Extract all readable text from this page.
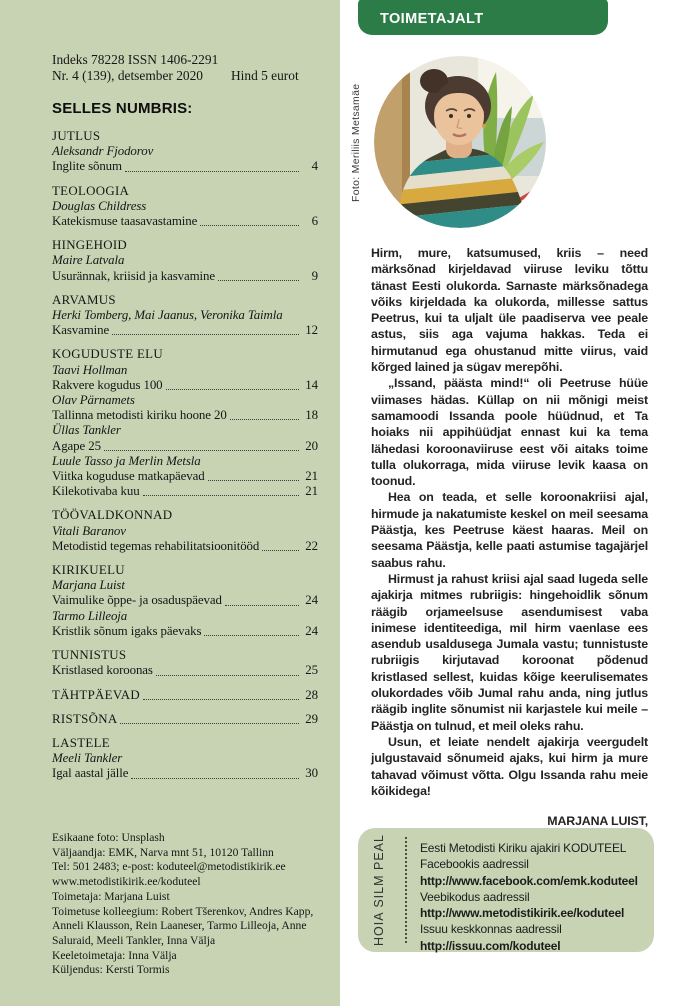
Indeks 78228 ISSN 1406-2291
Nr. 4 (139), detsember 2020 Hind 5 eurot
SELLES NUMBRIS:
JUTLUS
Aleksandr Fjodorov
Inglite sõnum	4
TEOLOOGIA
Douglas Childress
Katekismuse taasavastamine	6
HINGEHOID
Maire Latvala
Usurännak, kriisid ja kasvamine	9
ARVAMUS
Herki Tomberg, Mai Jaanus, Veronika Taimla
Kasvamine	12
KOGUDUSTE ELU
Taavi Hollman
Rakvere kogudus 100	14
Olav Pärnamets
Tallinna metodisti kiriku hoone 20	18
Üllas Tankler
Agape 25	20
Luule Tasso ja Merlin Metsla
Viitka koguduse matkapäevad	21
Kilekotivaba kuu	21
TÖÖVALDKONNAD
Vitali Baranov
Metodistid tegemas rehabilitatsioonitööd	22
KIRIKUELU
Marjana Luist
Vaimulike õppe- ja osaduspäevad	24
Tarmo Lilleoja
Kristlik sõnum igaks päevaks	24
TUNNISTUS
Kristlased koroonas	25
TÄHTPÄEVAD	28
RISTSÕNA	29
LASTELE
Meeli Tankler
Igal aastal jälle	30
Esikaane foto: Unsplash
Väljaandja: EMK, Narva mnt 51, 10120 Tallinn
Tel: 501 2483; e-post: koduteel@metodistikirik.ee
www.metodistikirik.ee/koduteel
Toimetaja: Marjana Luist
Toimetuse kolleegium: Robert Tšerenkov, Andres Kapp, Anneli Klausson, Rein Laaneser, Tarmo Lilleoja, Anne Saluraid, Meeli Tankler, Inna Välja
Keeletoimetaja: Inna Välja
Küljendus: Kersti Tormis
TOIMETAJALT
Foto: Meriliis Metsamäe

Hirm, mure, katsumused, kriis – need märksõnad kirjeldavad viiruse leviku tõttu tänast Eesti olukorda. Sarnaste märksõnadega võiks kirjeldada ka olukorda, millesse sattus Peetrus, kui ta uljalt üle paadiserva vee peale astus, siis aga vajuma hakkas. Teda ei hirmutanud ega ohustanud mitte viirus, vaid kõrged lained ja sügav merepõhi.

„Issand, päästa mind!“ oli Peetruse hüüe viimases hädas. Küllap on nii mõnigi meist samamoodi Issanda poole hüüdnud, et Ta hoiaks nii appihüüdjat ennast kui ka tema lähedasi koroonaviiruse eest või aitaks toime tulla olukorraga, mida viiruse levik kaasa on toonud.

Hea on teada, et selle koroonakriisi ajal, hirmude ja nakatumiste keskel on meil seesama Päästja, kes Peetruse käest haaras. Meil on seesama Päästja, kelle paati astumise tagajärjel saabus rahu.

Hirmust ja rahust kriisi ajal saad lugeda selle ajakirja mitmes rubriigis: hingehoidlik sõnum räägib orjameelsuse asendumisest vaba inimese identiteediga, mil hirm vaenlase ees asendub usaldusega Jumala vastu; tunnistuste rubriigis kirjutavad koroonat põdenud kristlased sellest, kuidas kõige keerulisemates olukordades võib Jumal rahu anda, ning jutlus räägib inglite sõnumist nii karjastele kui meile – Päästja on tulnud, et meil oleks rahu.

Usun, et leiate nendelt ajakirja veergudelt julgustavaid sõnumeid ajaks, kui hirm ja mure tahavad võimust võtta. Olgu Issanda rahu meie kõikidega!

MARJANA LUIST,
HOIA SILM PEAL	Eesti Metodisti Kiriku ajakiri KODUTEEL
Facebookis aadressil
http://www.facebook.com/emk.koduteel
Veebikodus aadressil
http://www.metodistikirik.ee/koduteel
Issuu keskkonnas aadressil
http://issuu.com/koduteel
